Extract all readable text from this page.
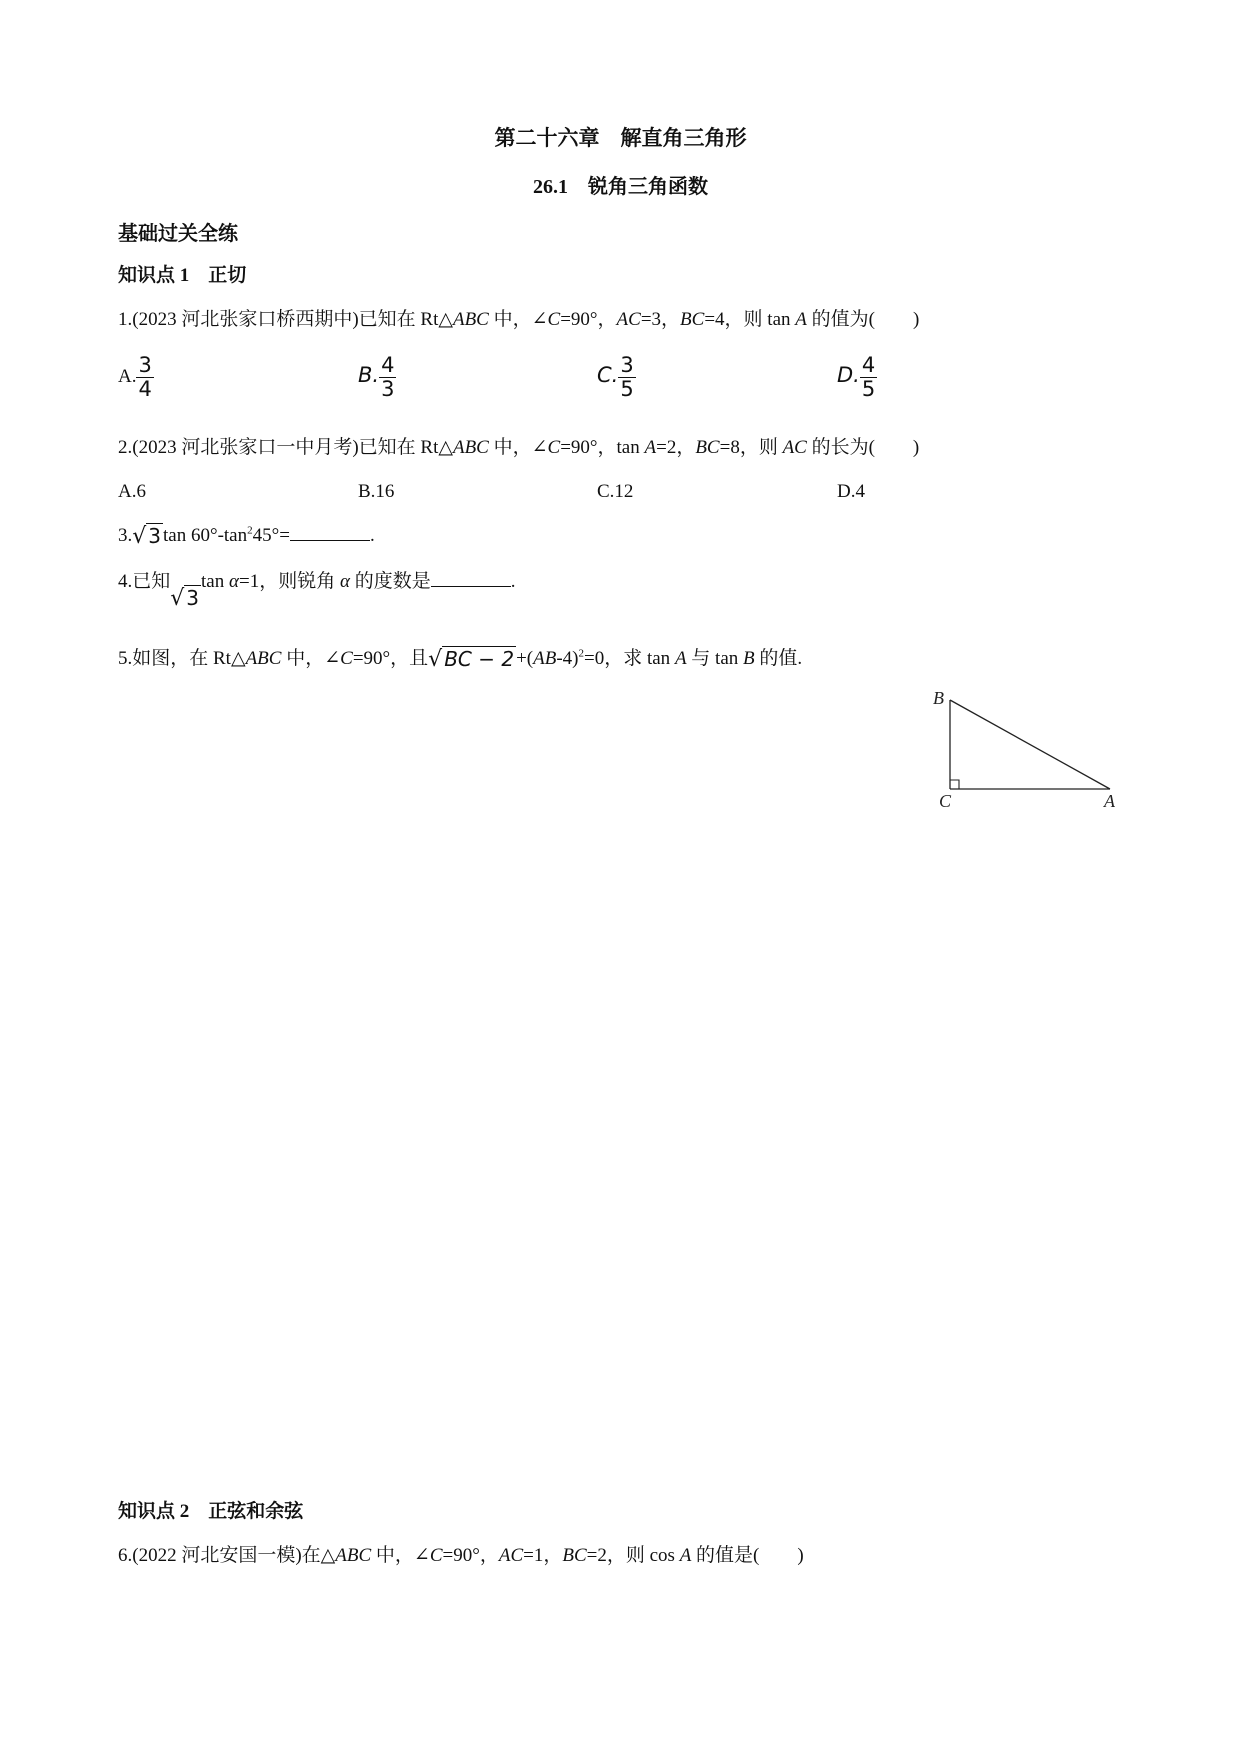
第二十六章　解直角三角形
26.1　锐角三角函数
基础过关全练
知识点 1　正切
1.(2023 河北张家口桥西期中)已知在 Rt△ABC 中，∠C=90°，AC=3，BC=4，则 tan A 的值为(　　)
A. $\frac{3}{4}$	B. $\frac{4}{3}$	C. $\frac{3}{5}$	D. $\frac{4}{5}$
2.(2023 河北张家口一中月考)已知在 Rt△ABC 中，∠C=90°，tan A=2，BC=8，则 AC 的长为(　　)
A.6	B.16	C.12	D.4
3.√ 3 $\tan 60^\circ-\tan^245^\circ=$	.
4.已知√ 3tan α=1，则锐角 α 的度数是	.
5.如图，在 Rt△ABC 中，∠C=90°，且√ BC − $2 +(AB-4)^2=0$，求 tan A 与 tan B 的值.
B
C	A
知识点 2　正弦和余弦
6.(2022 河北安国一模)在△ABC 中，∠C=90°，AC=1，BC=2，则 cos A 的值是(　　)
